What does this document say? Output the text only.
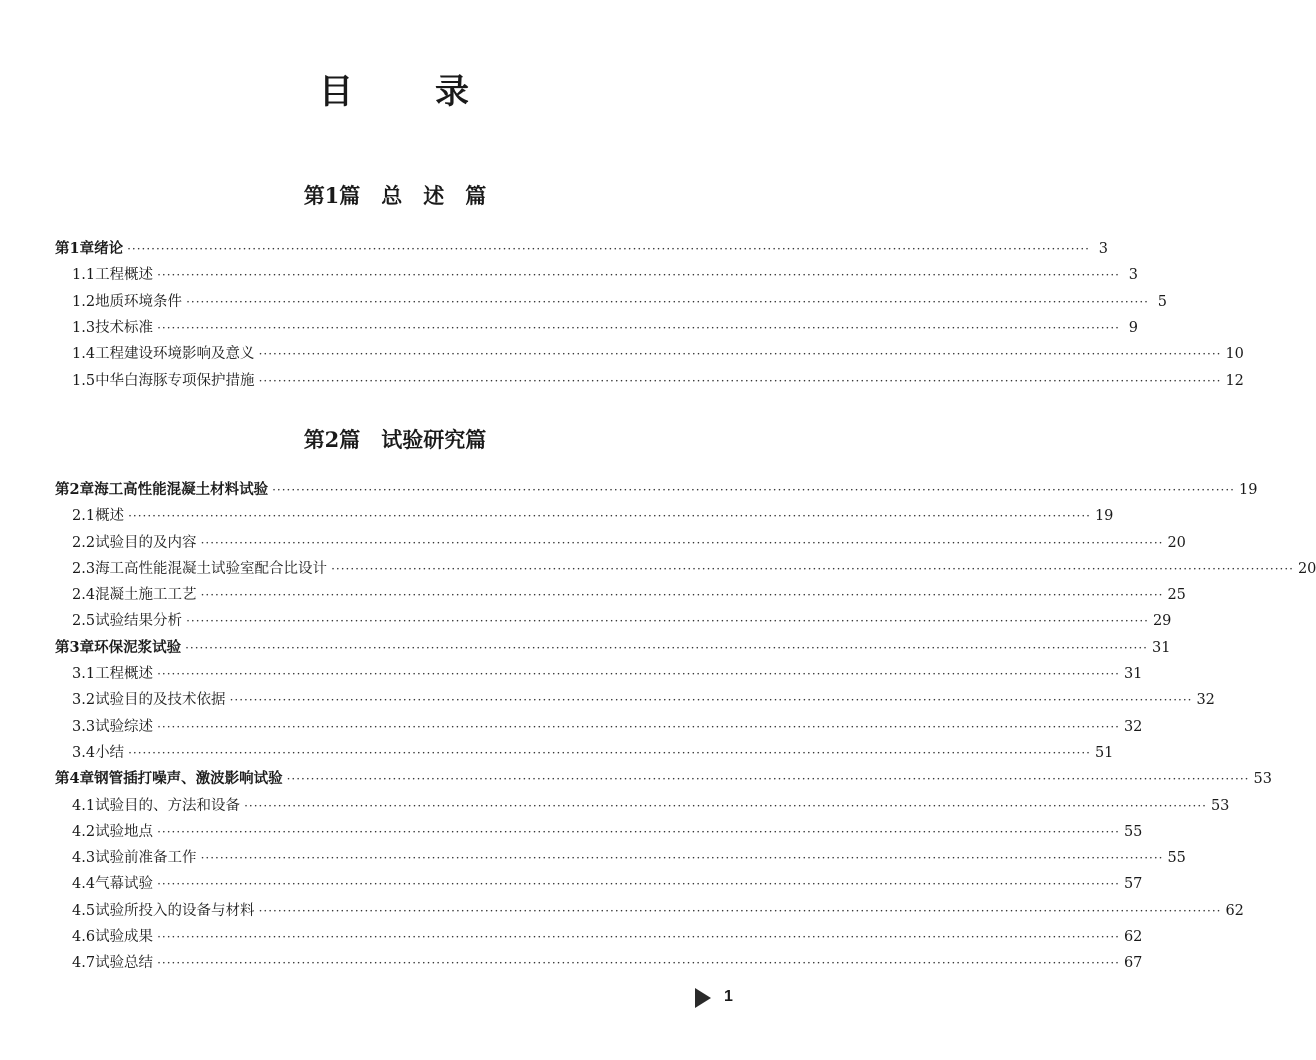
目 录
第1篇　总　述　篇
第2篇　试验研究篇
第1章 绪论 ········································································································································································································ 3
1.1 工程概述 ········································································································································································································ 3
1.2 地质环境条件 ········································································································································································································ 5
1.3 技术标准 ········································································································································································································ 9
1.4 工程建设环境影响及意义 ········································································································································································································ 10
1.5 中华白海豚专项保护措施 ········································································································································································································ 12
第2章 海工高性能混凝土材料试验 ········································································································································································································ 19
2.1 概述 ········································································································································································································ 19
2.2 试验目的及内容 ········································································································································································································ 20
2.3 海工高性能混凝土试验室配合比设计 ········································································································································································································ 20
2.4 混凝土施工工艺 ········································································································································································································ 25
2.5 试验结果分析 ········································································································································································································ 29
第3章 环保泥浆试验 ········································································································································································································ 31
3.1 工程概述 ········································································································································································································ 31
3.2 试验目的及技术依据 ········································································································································································································ 32
3.3 试验综述 ········································································································································································································ 32
3.4 小结 ········································································································································································································ 51
第4章 钢管插打噪声、激波影响试验 ········································································································································································································ 53
4.1 试验目的、方法和设备 ········································································································································································································ 53
4.2 试验地点 ········································································································································································································ 55
4.3 试验前准备工作 ········································································································································································································ 55
4.4 气幕试验 ········································································································································································································ 57
4.5 试验所投入的设备与材料 ········································································································································································································ 62
4.6 试验成果 ········································································································································································································ 62
4.7 试验总结 ········································································································································································································ 67
1
